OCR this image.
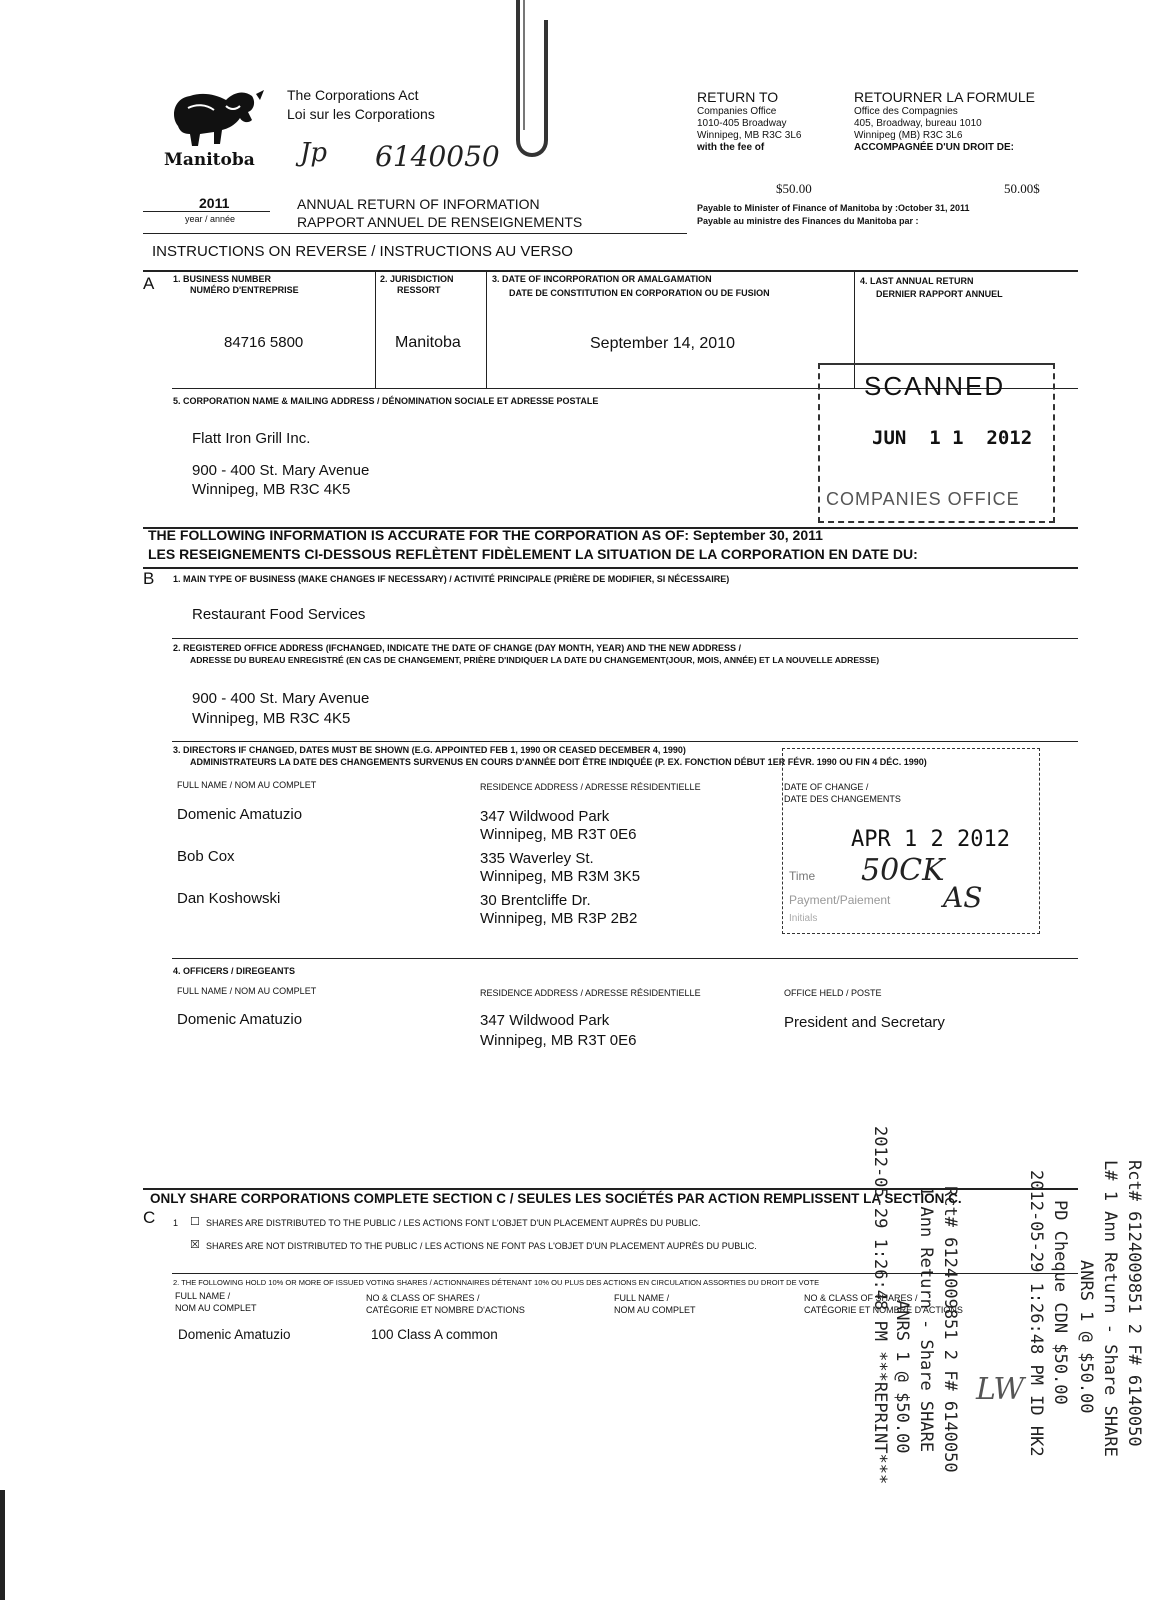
Manitoba
The Corporations Act
Loi sur les Corporations
Jp 6140050
RETURN TO
Companies Office
1010-405 Broadway
Winnipeg, MB R3C 3L6
with the fee of
$50.00
RETOURNER LA FORMULE
Office des Compagnies
405, Broadway, bureau 1010
Winnipeg (MB) R3C 3L6
ACCOMPAGNÉE D'UN DROIT DE:
50.00$
Payable to Minister of Finance of Manitoba by :October 31, 2011
Payable au ministre des Finances du Manitoba par :
2011
year / année
ANNUAL RETURN OF INFORMATION
RAPPORT ANNUEL DE RENSEIGNEMENTS
INSTRUCTIONS ON REVERSE / INSTRUCTIONS AU VERSO
A 1. BUSINESS NUMBER
NUMÉRO D'ENTREPRISE
84716 5800
2. JURISDICTION
RESSORT
Manitoba
3. DATE OF INCORPORATION OR AMALGAMATION
DATE DE CONSTITUTION EN CORPORATION OU DE FUSION
September 14, 2010
4. LAST ANNUAL RETURN
DERNIER RAPPORT ANNUEL
5. CORPORATION NAME & MAILING ADDRESS / DÉNOMINATION SOCIALE ET ADRESSE POSTALE
Flatt Iron Grill Inc.
900 - 400 St. Mary Avenue
Winnipeg, MB R3C 4K5
SCANNED
JUN  1 1  2012
COMPANIES OFFICE
THE FOLLOWING INFORMATION IS ACCURATE FOR THE CORPORATION AS OF: September 30, 2011
LES RESEIGNEMENTS CI-DESSOUS REFLÈTENT FIDÈLEMENT LA SITUATION DE LA CORPORATION EN DATE DU:
B 1. MAIN TYPE OF BUSINESS (MAKE CHANGES IF NECESSARY) / ACTIVITÉ PRINCIPALE (PRIÈRE DE MODIFIER, SI NÉCESSAIRE)
Restaurant Food Services
2. REGISTERED OFFICE ADDRESS (IFCHANGED, INDICATE THE DATE OF CHANGE (DAY MONTH, YEAR) AND THE NEW ADDRESS /
ADRESSE DU BUREAU ENREGISTRÉ (EN CAS DE CHANGEMENT, PRIÈRE D'INDIQUER LA DATE DU CHANGEMENT(JOUR, MOIS, ANNÉE) ET LA NOUVELLE ADRESSE)
900 - 400 St. Mary Avenue
Winnipeg, MB R3C 4K5
3. DIRECTORS IF CHANGED, DATES MUST BE SHOWN (E.G. APPOINTED FEB 1, 1990 OR CEASED DECEMBER 4, 1990)
ADMINISTRATEURS LA DATE DES CHANGEMENTS SURVENUS EN COURS D'ANNÉE DOIT ÊTRE INDIQUÉE (P. EX. FONCTION DÉBUT 1ER FÉVR. 1990 OU FIN 4 DÉC. 1990)
FULL NAME / NOM AU COMPLET	RESIDENCE ADDRESS / ADRESSE RÉSIDENTIELLE	DATE OF CHANGE /
DATE DES CHANGEMENTS
Domenic Amatuzio	347 Wildwood Park
Winnipeg, MB R3T 0E6
Bob Cox	335 Waverley St.
Winnipeg, MB R3M 3K5
Dan Koshowski	30 Brentcliffe Dr.
Winnipeg, MB R3P 2B2
APR 1 2 2012
Time 50CK
Payment/Paiement AS
Initials
4. OFFICERS / DIREGEANTS
FULL NAME / NOM AU COMPLET	RESIDENCE ADDRESS / ADRESSE RÉSIDENTIELLE	OFFICE HELD / POSTE
Domenic Amatuzio	347 Wildwood Park
Winnipeg, MB R3T 0E6
President and Secretary
ONLY SHARE CORPORATIONS COMPLETE SECTION C / SEULES LES SOCIÉTÉS PAR ACTION REMPLISSENT LA SECTION C.
C 1 ☐ SHARES ARE DISTRIBUTED TO THE PUBLIC / LES ACTIONS FONT L'OBJET D'UN PLACEMENT AUPRÈS DU PUBLIC.
☒ SHARES ARE NOT DISTRIBUTED TO THE PUBLIC / LES ACTIONS NE FONT PAS L'OBJET D'UN PLACEMENT AUPRÈS DU PUBLIC.
2. THE FOLLOWING HOLD 10% OR MORE OF ISSUED VOTING SHARES / ACTIONNAIRES DÉTENANT 10% OU PLUS DES ACTIONS EN CIRCULATION ASSORTIES DU DROIT DE VOTE
FULL NAME /
NOM AU COMPLET
NO & CLASS OF SHARES /
CATÉGORIE ET NOMBRE D'ACTIONS
FULL NAME /
NOM AU COMPLET
NO & CLASS OF SHARES /
CATÉGORIE ET NOMBRE D'ACTIONS
Domenic Amatuzio	100 Class A common	Rct# 6124009851 2 F# 6140050
L# 1 Ann Return - Share SHARE
ANRS 1 @ $50.00
PD Cheque CDN $50.00
2012-05-29 1:26:48 PM ID HK2
Rct# 6124009851 2 F# 6140050
1 Ann Return - Share SHARE
ANRS 1 @ $50.00
2012-05-29 1:26:48 PM ***REPRINT***	LW
